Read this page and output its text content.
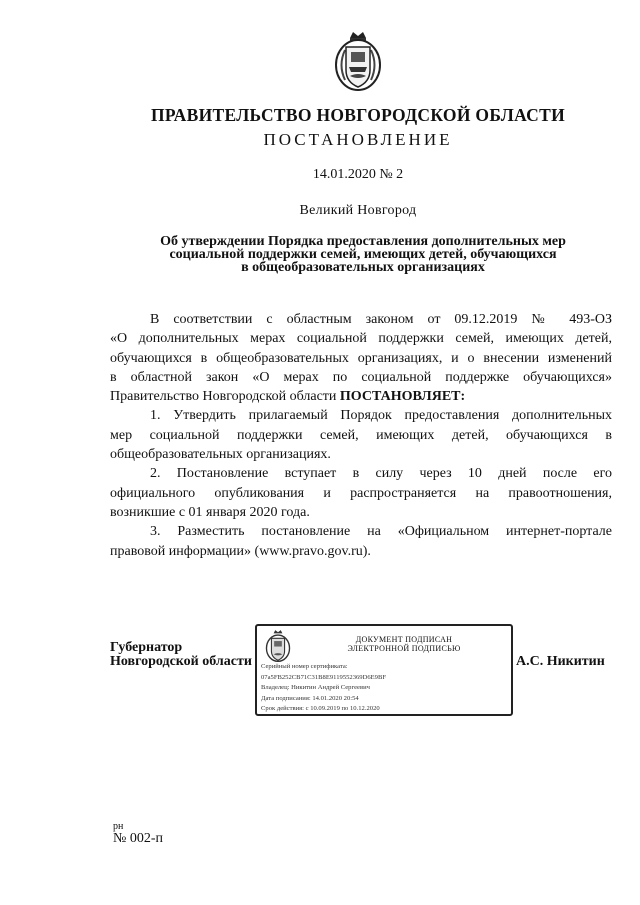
ПРАВИТЕЛЬСТВО НОВГОРОДСКОЙ ОБЛАСТИ
ПОСТАНОВЛЕНИЕ
14.01.2020 № 2
Великий Новгород
Об утверждении Порядка предоставления дополнительных мер
социальной поддержки семей, имеющих детей, обучающихся
в общеобразовательных организациях

В соответствии с областным законом от 09.12.2019 № 493-ОЗ

«О дополнительных мерах социальной поддержки семей, имеющих детей,

обучающихся в общеобразовательных организациях, и о внесении изменений

в областной закон «О мерах по социальной поддержке обучающихся»

Правительство Новгородской области ПОСТАНОВЛЯЕТ:

1. Утвердить прилагаемый Порядок предоставления дополнительных

мер социальной поддержки семей, имеющих детей, обучающихся в

общеобразовательных организациях.

2. Постановление вступает в силу через 10 дней после его

официального опубликования и распространяется на правоотношения,

возникшие с 01 января 2020 года.

3. Разместить постановление на «Официальном интернет-портале

правовой информации» (www.pravo.gov.ru).

Губернатор
Новгородской области
ДОКУМЕНТ ПОДПИСАН
ЭЛЕКТРОННОЙ ПОДПИСЬЮ
Серийный номер сертификата:
07a5FB252CB71C31B8E9119552369D6E9BF
Владелец: Никитин Андрей Сергеевич
Дата подписания: 14.01.2020 20:54
Срок действия: с 10.09.2019 по 10.12.2020
А.С. Никитин
рн
№ 002-п
